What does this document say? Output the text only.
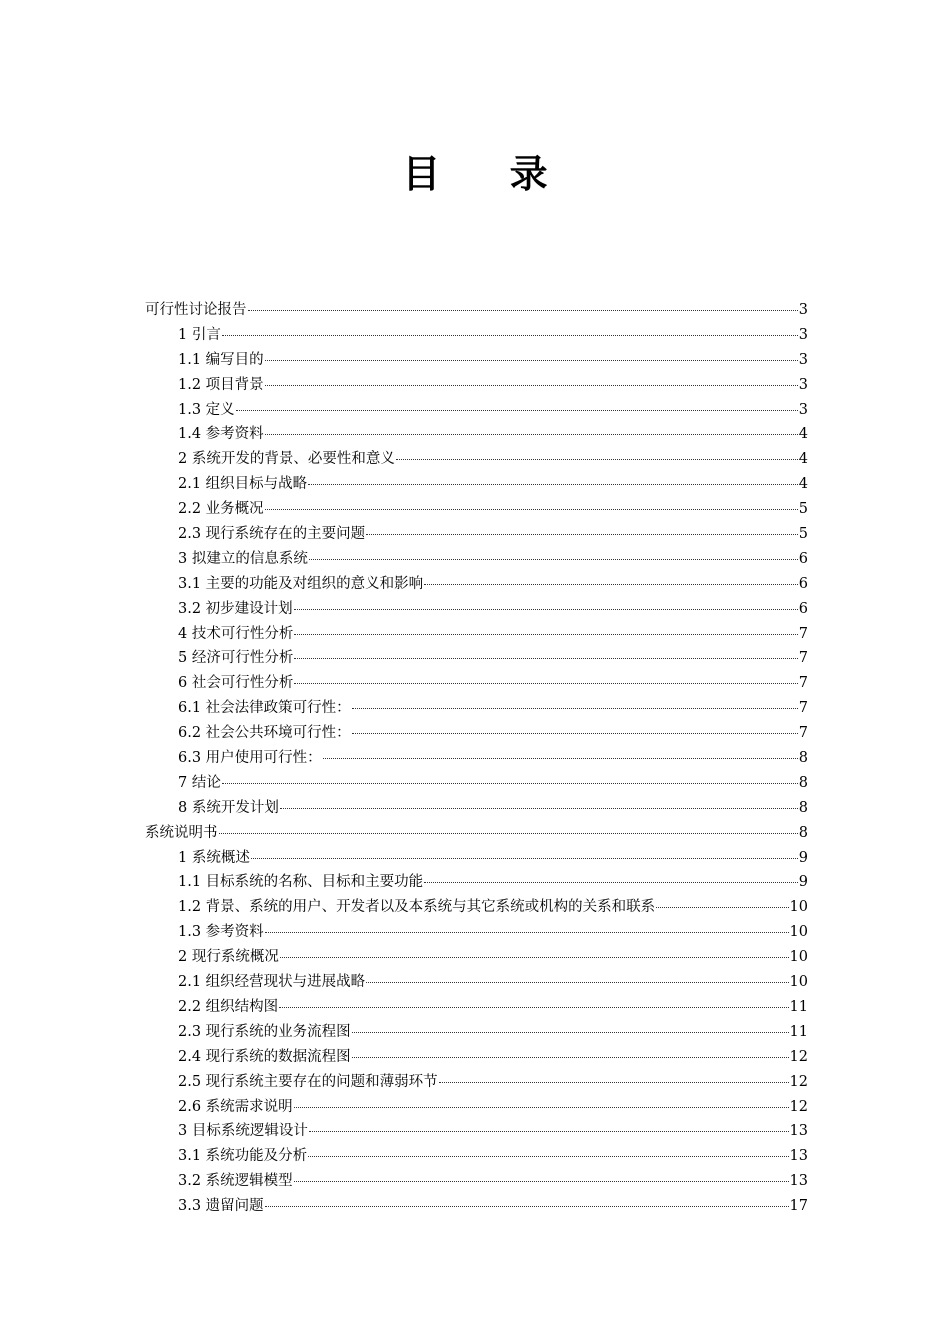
目 录
可行性讨论报告	3
1 引言	3
1.1 编写目的	3
1.2 项目背景	3
1.3 定义	3
1.4 参考资料	4
2 系统开发的背景、必要性和意义	4
2.1 组织目标与战略	4
2.2 业务概况	5
2.3 现行系统存在的主要问题	5
3 拟建立的信息系统	6
3.1 主要的功能及对组织的意义和影响	6
3.2 初步建设计划	6
4 技术可行性分析	7
5 经济可行性分析	7
6 社会可行性分析	7
6.1 社会法律政策可行性：	7
6.2 社会公共环境可行性：	7
6.3 用户使用可行性：	8
7 结论	8
8 系统开发计划	8
系统说明书	8
1 系统概述	9
1.1 目标系统的名称、目标和主要功能	9
1.2 背景、系统的用户、开发者以及本系统与其它系统或机构的关系和联系	10
1.3 参考资料	10
2 现行系统概况	10
2.1 组织经营现状与进展战略	10
2.2 组织结构图	11
2.3 现行系统的业务流程图	11
2.4 现行系统的数据流程图	12
2.5 现行系统主要存在的问题和薄弱环节	12
2.6 系统需求说明	12
3 目标系统逻辑设计	13
3.1 系统功能及分析	13
3.2 系统逻辑模型	13
3.3 遗留问题	17
